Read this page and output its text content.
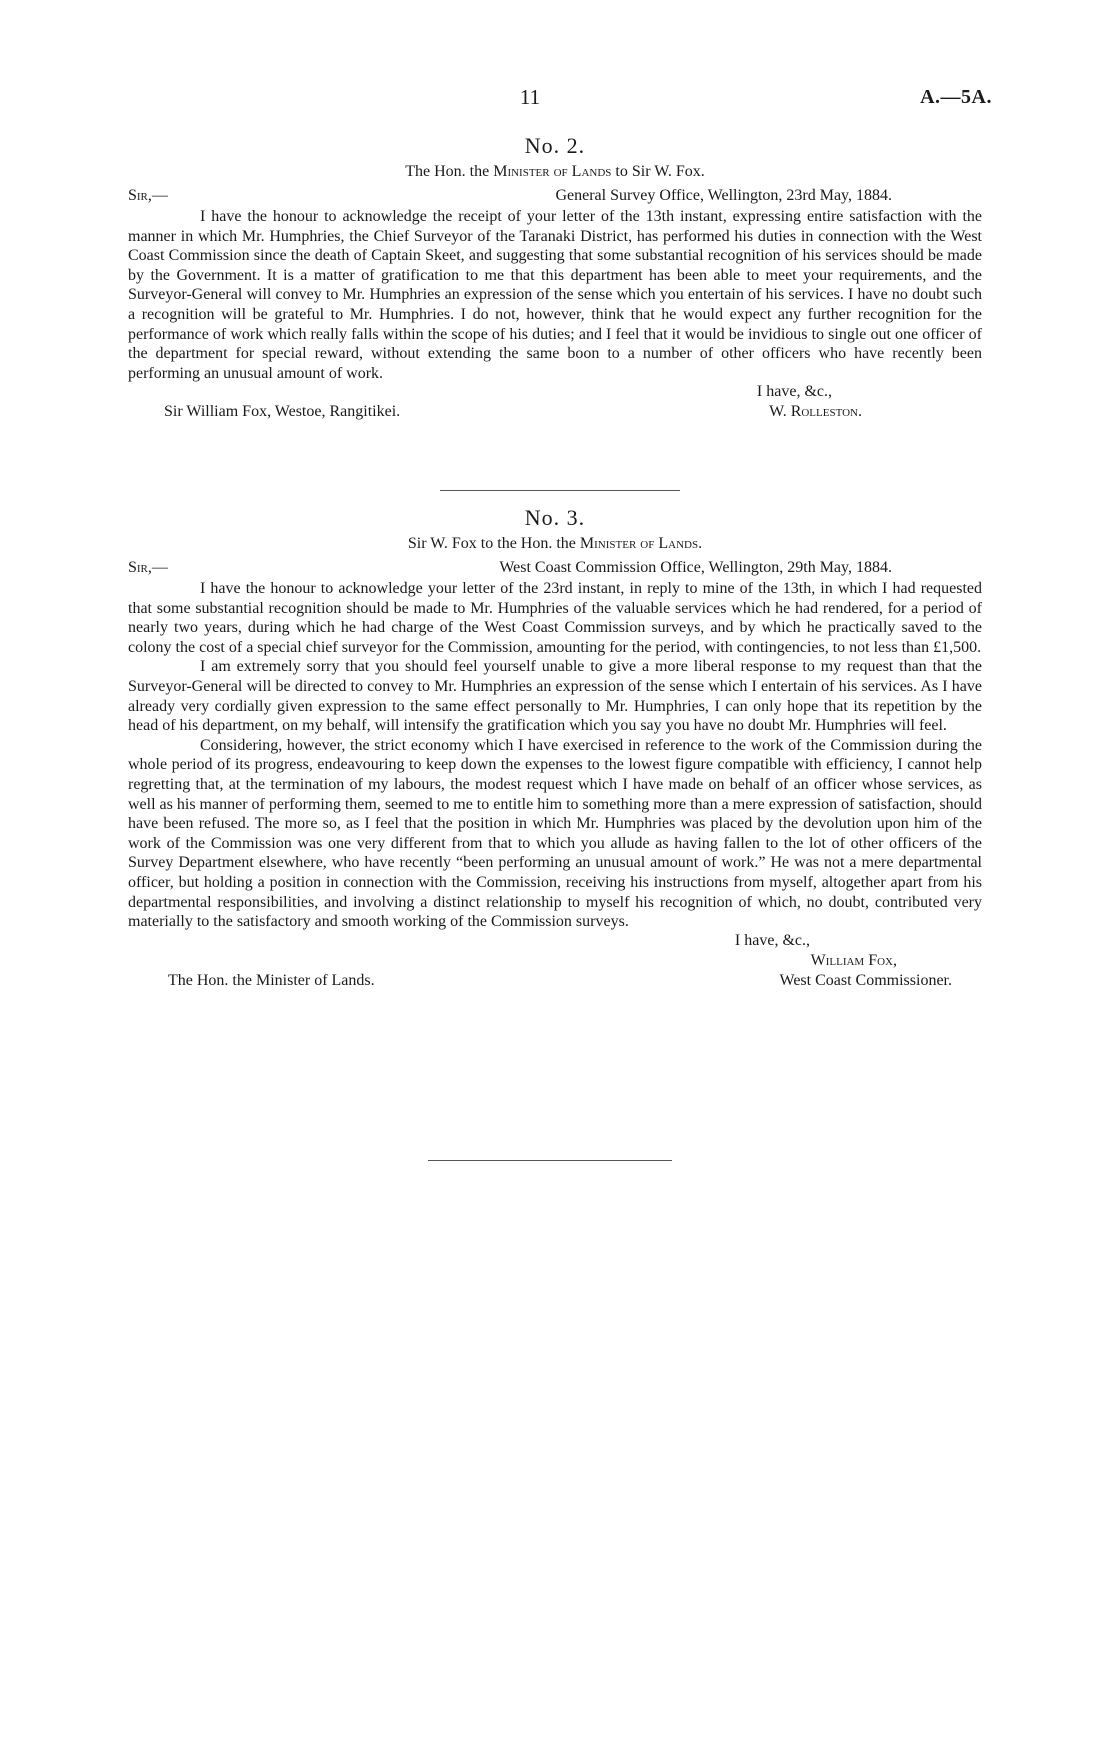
11	A.—5A.
No. 2.
The Hon. the Minister of Lands to Sir W. Fox.
Sir,—	General Survey Office, Wellington, 23rd May, 1884.

I have the honour to acknowledge the receipt of your letter of the 13th instant, expressing entire satisfaction with the manner in which Mr. Humphries, the Chief Surveyor of the Taranaki District, has performed his duties in connection with the West Coast Commission since the death of Captain Skeet, and suggesting that some substantial recognition of his services should be made by the Government. It is a matter of gratification to me that this department has been able to meet your requirements, and the Surveyor-General will convey to Mr. Humphries an expression of the sense which you entertain of his services. I have no doubt such a recognition will be grateful to Mr. Humphries. I do not, however, think that he would expect any further recognition for the performance of work which really falls within the scope of his duties; and I feel that it would be invidious to single out one officer of the department for special reward, without extending the same boon to a number of other officers who have recently been performing an unusual amount of work.

I have, &c.,
Sir William Fox, Westoe, Rangitikei.	W. Rolleston.
No. 3.
Sir W. Fox to the Hon. the Minister of Lands.
Sir,—	West Coast Commission Office, Wellington, 29th May, 1884.

I have the honour to acknowledge your letter of the 23rd instant, in reply to mine of the 13th, in which I had requested that some substantial recognition should be made to Mr. Humphries of the valuable services which he had rendered, for a period of nearly two years, during which he had charge of the West Coast Commission surveys, and by which he practically saved to the colony the cost of a special chief surveyor for the Commission, amounting for the period, with contingencies, to not less than £1,500.

I am extremely sorry that you should feel yourself unable to give a more liberal response to my request than that the Surveyor-General will be directed to convey to Mr. Humphries an expression of the sense which I entertain of his services. As I have already very cordially given expression to the same effect personally to Mr. Humphries, I can only hope that its repetition by the head of his department, on my behalf, will intensify the gratification which you say you have no doubt Mr. Humphries will feel.

Considering, however, the strict economy which I have exercised in reference to the work of the Commission during the whole period of its progress, endeavouring to keep down the expenses to the lowest figure compatible with efficiency, I cannot help regretting that, at the termination of my labours, the modest request which I have made on behalf of an officer whose services, as well as his manner of performing them, seemed to me to entitle him to something more than a mere expression of satisfaction, should have been refused. The more so, as I feel that the position in which Mr. Humphries was placed by the devolution upon him of the work of the Commission was one very different from that to which you allude as having fallen to the lot of other officers of the Survey Department elsewhere, who have recently “been performing an unusual amount of work.” He was not a mere departmental officer, but holding a position in connection with the Commission, receiving his instructions from myself, altogether apart from his departmental responsibilities, and involving a distinct relationship to myself his recognition of which, no doubt, contributed very materially to the satisfactory and smooth working of the Commission surveys.

I have, &c.,
William Fox,
The Hon. the Minister of Lands.	West Coast Commissioner.
